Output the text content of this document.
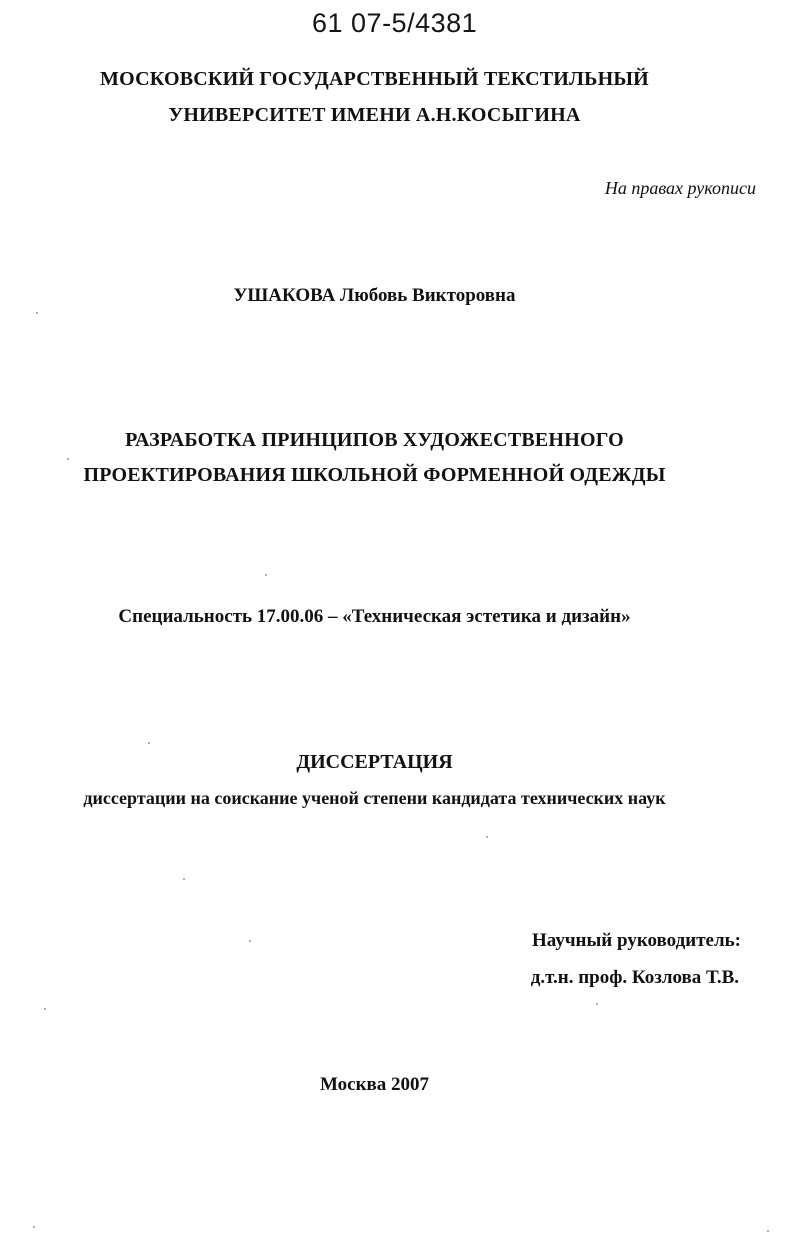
61 07-5/4381

МОСКОВСКИЙ ГОСУДАРСТВЕННЫЙ ТЕКСТИЛЬНЫЙ

УНИВЕРСИТЕТ ИМЕНИ А.Н.КОСЫГИНА

На правах рукописи

УШАКОВА Любовь Викторовна

РАЗРАБОТКА ПРИНЦИПОВ ХУДОЖЕСТВЕННОГО

ПРОЕКТИРОВАНИЯ ШКОЛЬНОЙ ФОРМЕННОЙ ОДЕЖДЫ

Специальность 17.00.06 – «Техническая эстетика и дизайн»

ДИССЕРТАЦИЯ

диссертации на соискание ученой степени кандидата технических наук

Научный руководитель:

д.т.н. проф. Козлова Т.В.

Москва 2007
